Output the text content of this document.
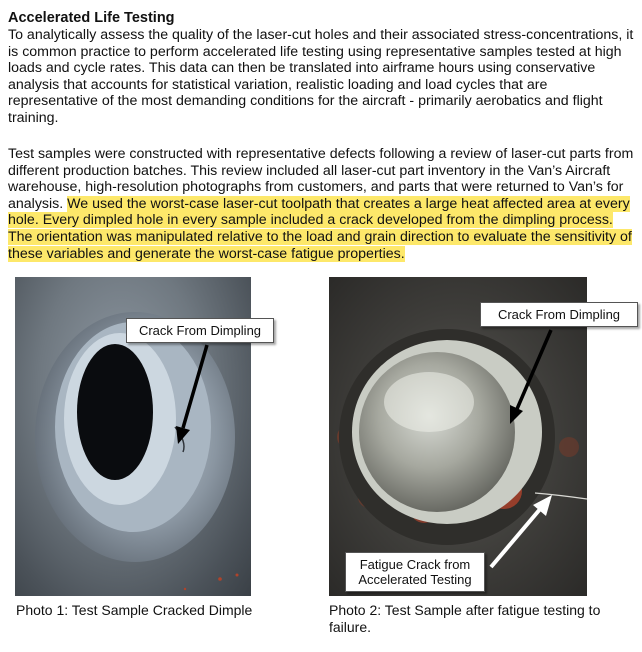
Accelerated Life Testing
To analytically assess the quality of the laser-cut holes and their associated stress-concentrations, it is common practice to perform accelerated life testing using representative samples tested at high loads and cycle rates. This data can then be translated into airframe hours using conservative analysis that accounts for statistical variation, realistic loading and load cycles that are representative of the most demanding conditions for the aircraft - primarily aerobatics and flight training.
Test samples were constructed with representative defects following a review of laser-cut parts from different production batches. This review included all laser-cut part inventory in the Van’s Aircraft warehouse, high-resolution photographs from customers, and parts that were returned to Van’s for analysis. We used the worst-case laser-cut toolpath that creates a large heat affected area at every hole. Every dimpled hole in every sample included a crack developed from the dimpling process. The orientation was manipulated relative to the load and grain direction to evaluate the sensitivity of these variables and generate the worst-case fatigue properties.
Crack From Dimpling
Crack From Dimpling
Fatigue Crack from Accelerated Testing
Photo 1: Test Sample Cracked Dimple	Photo 2: Test Sample after fatigue testing to failure.
